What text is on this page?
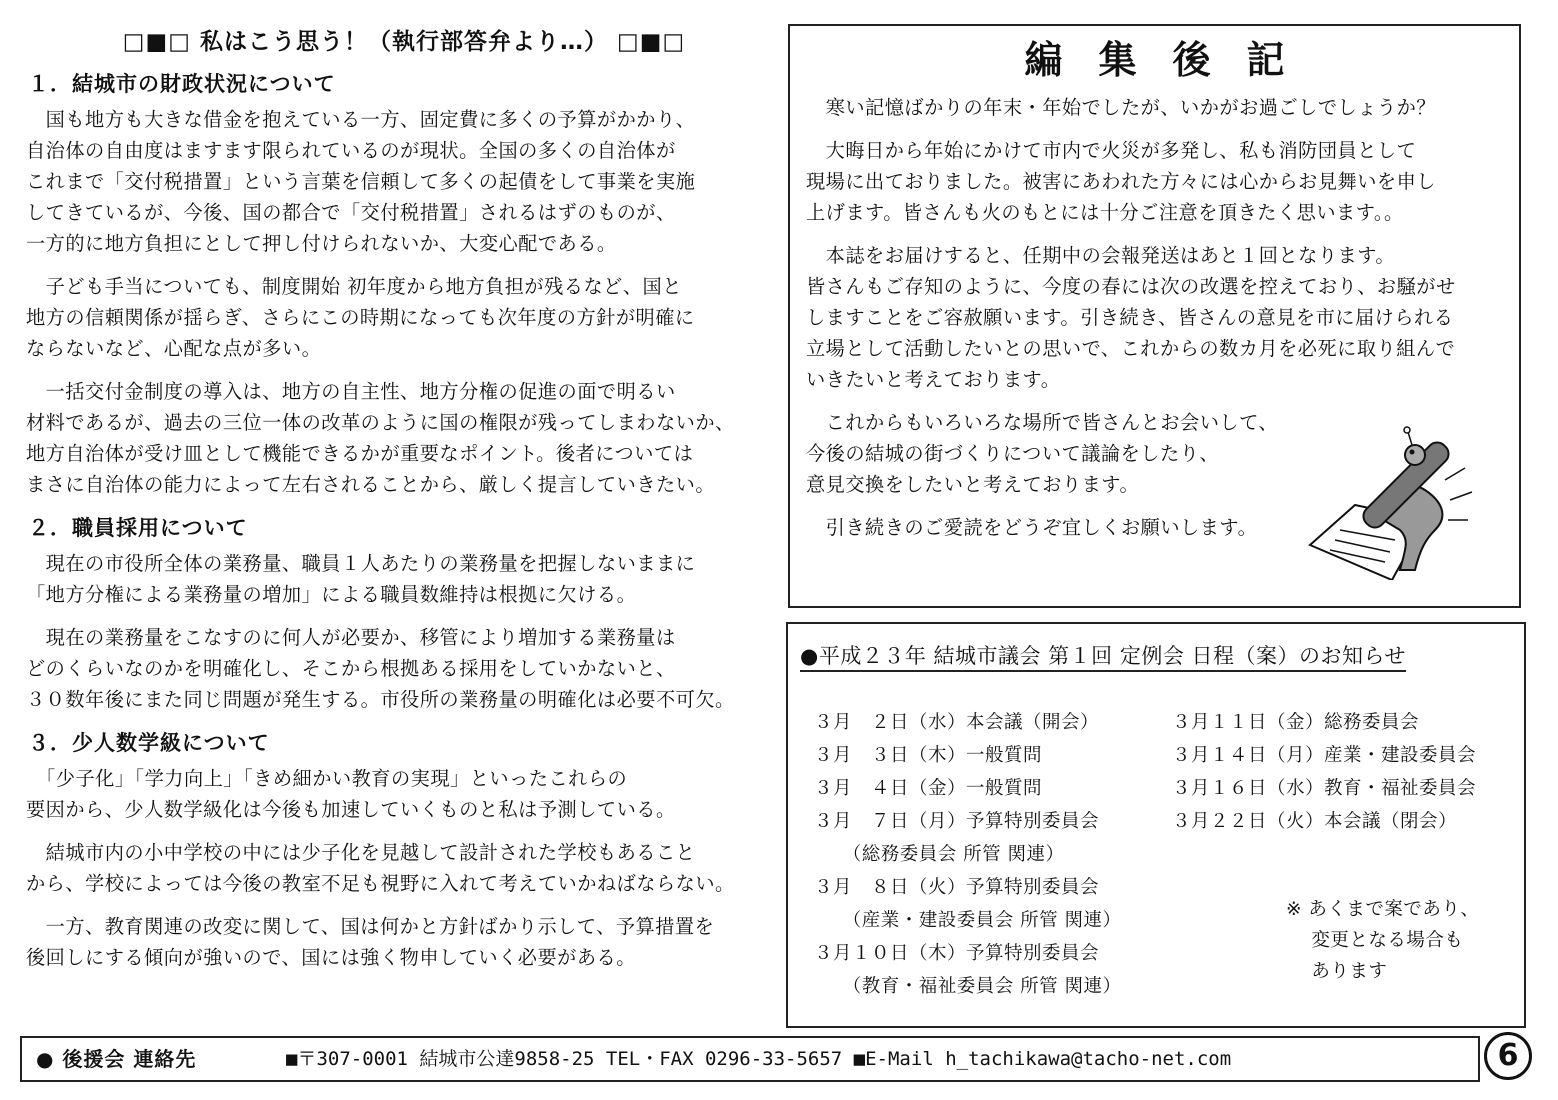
□■□ 私はこう思う！（執行部答弁より…） □■□
１．結城市の財政状況について
　国も地方も大きな借金を抱えている一方、固定費に多くの予算がかかり、
自治体の自由度はますます限られているのが現状。全国の多くの自治体が
これまで「交付税措置」という言葉を信頼して多くの起債をして事業を実施
してきているが、今後、国の都合で「交付税措置」されるはずのものが、
一方的に地方負担にとして押し付けられないか、大変心配である。
　子ども手当についても、制度開始 初年度から地方負担が残るなど、国と
地方の信頼関係が揺らぎ、さらにこの時期になっても次年度の方針が明確に
ならないなど、心配な点が多い。
　一括交付金制度の導入は、地方の自主性、地方分権の促進の面で明るい
材料であるが、過去の三位一体の改革のように国の権限が残ってしまわないか、
地方自治体が受け皿として機能できるかが重要なポイント。後者については
まさに自治体の能力によって左右されることから、厳しく提言していきたい。
２．職員採用について
　現在の市役所全体の業務量、職員１人あたりの業務量を把握しないままに
「地方分権による業務量の増加」による職員数維持は根拠に欠ける。
　現在の業務量をこなすのに何人が必要か、移管により増加する業務量は
どのくらいなのかを明確化し、そこから根拠ある採用をしていかないと、
３０数年後にまた同じ問題が発生する。市役所の業務量の明確化は必要不可欠。
３．少人数学級について
　「少子化」「学力向上」「きめ細かい教育の実現」といったこれらの
要因から、少人数学級化は今後も加速していくものと私は予測している。
　結城市内の小中学校の中には少子化を見越して設計された学校もあること
から、学校によっては今後の教室不足も視野に入れて考えていかねばならない。
　一方、教育関連の改変に関して、国は何かと方針ばかり示して、予算措置を
後回しにする傾向が強いので、国には強く物申していく必要がある。
編集後記
　寒い記憶ばかりの年末・年始でしたが、いかがお過ごしでしょうか？
　大晦日から年始にかけて市内で火災が多発し、私も消防団員として
現場に出ておりました。被害にあわれた方々には心からお見舞いを申し
上げます。皆さんも火のもとには十分ご注意を頂きたく思います。。
　本誌をお届けすると、任期中の会報発送はあと１回となります。
皆さんもご存知のように、今度の春には次の改選を控えており、お騒がせ
しますことをご容赦願います。引き続き、皆さんの意見を市に届けられる
立場として活動したいとの思いで、これからの数カ月を必死に取り組んで
いきたいと考えております。
　これからもいろいろな場所で皆さんとお会いして、
今後の結城の街づくりについて議論をしたり、
意見交換をしたいと考えております。
　引き続きのご愛読をどうぞ宜しくお願いします。
●平成２３年 結城市議会 第１回 定例会 日程（案）のお知らせ
３月　２日（水）本会議（開会）
３月　３日（木）一般質問
３月　４日（金）一般質問
３月　７日（月）予算特別委員会
　　（総務委員会 所管 関連）
３月　８日（火）予算特別委員会
　　（産業・建設委員会 所管 関連）
３月１０日（木）予算特別委員会
　　（教育・福祉委員会 所管 関連）
３月１１日（金）総務委員会
３月１４日（月）産業・建設委員会
３月１６日（水）教育・福祉委員会
３月２２日（火）本会議（閉会）
※ あくまで案であり、
　 変更となる場合も
　 あります
● 後援会 連絡先	■〒307-0001 結城市公達9858-25 TEL・FAX 0296-33-5657 ■E-Mail h_tachikawa@tacho-net.com	6
